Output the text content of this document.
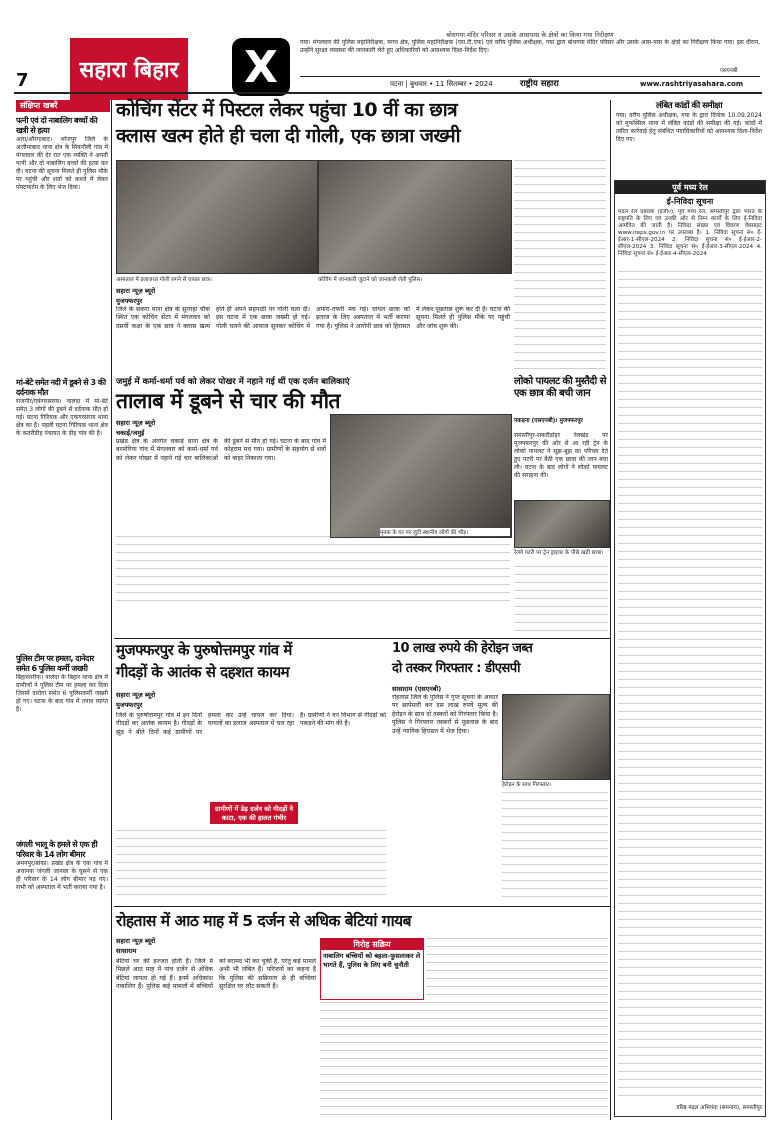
7	सहारा बिहार X
बोधगया मंदिर परिसर व उसके आसपास के क्षेत्रों का किया गया निरीक्षण
गया। मंगलवार की पुलिस महानिरीक्षक, मगध क्षेत्र, पुलिस महानिरीक्षक (एस.टी.एफ) एवं वरीय पुलिस अधीक्षक, गया द्वारा बोधगया मंदिर परिसर और उसके आस-पास के क्षेत्रों का निरीक्षण किया गया। इस दौरान, उन्होंने सुरक्षा व्यवस्था की जानकारी लेते हुए अधिकारियों को आवश्यक दिशा-निर्देश दिए।
एसएनबी
पटना | बुधवार • 11 सितम्बर • 2024	राष्ट्रीय सहारा	www.rashtriyasahara.com
संक्षिप्त खबरें
पत्नी एवं दो नाबालिग बच्चों की खत्री से हत्या
आरा/औरंगाबाद। भोजपुर जिले के अजीमाबाद थाना क्षेत्र के सिकरौली गांव में मंगलवार की देर रात एक व्यक्ति ने अपनी पत्नी और दो नाबालिग बच्चों की हत्या कर दी। घटना की सूचना मिलते ही पुलिस मौके पर पहुंची और शवों को कब्जे में लेकर पोस्टमार्टम के लिए भेज दिया।
मां-बेटे समेत नदी में डूबने से 3 की दर्दनाक मौत
राजगीर/एकंगरसराय। नालंदा में मां-बेटे समेत 3 लोगों की डूबने से दर्दनाक मौत हो गई। घटना गिरियक और एकंगरसराय थाना क्षेत्र का है। पहली घटना गिरियक थाना क्षेत्र के कतरीडीह पंचायत के डीह गांव की है।
पुलिस टीम पर हमला, दानेदार समेत 6 पुलिस कर्मी जख्मी
बिहारशरीफ। नालंदा के बिहार थाना क्षेत्र में ग्रामीणों ने पुलिस टीम पर हमला कर दिया जिसमें दारोगा समेत 6 पुलिसकर्मी जख्मी हो गए। घटना के बाद गांव में तनाव व्याप्त है।
जंगली भालू के हमले से एक ही परिवार के 14 लोग बीमार
अमनपुर/बांका। प्रखंड क्षेत्र के एक गांव में अचानक जंगली जानवर के घुसने से एक ही परिवार के 14 लोग बीमार पड़ गए। सभी को अस्पताल में भर्ती कराया गया है।
कोचिंग सेंटर में पिस्टल लेकर पहुंचा 10 वीं का छात्र
क्लास खत्म होते ही चला दी गोली, एक छात्रा जख्मी
अस्पताल में इलाजरत गोली लगने से घायल छात्र।	कोचिंग में जानकारी जुटाने को जानकारी लेती पुलिस।
सहारा न्यूज़ ब्यूरो
मुजफ्फरपुर
जिले के सकरा थाना क्षेत्र के सुरगहा चौक स्थित एक कोचिंग सेंटर में मंगलवार को दसवीं कक्षा के एक छात्र ने क्लास खत्म होते ही अपने सहपाठी पर गोली चला दी। इस घटना में एक छात्रा जख्मी हो गई। गोली चलने की आवाज सुनकर कोचिंग में अफरा-तफरी मच गई। घायल छात्रा को इलाज के लिए अस्पताल में भर्ती कराया गया है। पुलिस ने आरोपी छात्र को हिरासत में लेकर पूछताछ शुरू कर दी है। घटना की सूचना मिलते ही पुलिस मौके पर पहुंची और जांच शुरू की।
जमुई में कर्मा-धर्मा पर्व को लेकर पोखर में नहाने गई थीं एक दर्जन बालिकाएं
तालाब में डूबने से चार की मौत
सहारा न्यूज़ ब्यूरो
चकाई/जमुई
प्रखंड क्षेत्र के अंतर्गत चकाई थाना क्षेत्र के बरमोरिया गांव में मंगलवार को कर्मा-धर्मा पर्व को लेकर पोखर में नहाने गई चार बालिकाओं की डूबने से मौत हो गई। घटना के बाद गांव में कोहराम मच गया। ग्रामीणों के सहयोग से शवों को बाहर निकाला गया।
मृतक के घर पर जुटी स्थानीय लोगों की भीड़।
लोको पायलट की मुस्तैदी से एक छात्र की बची जान
पकड़ना (एसएनबी)। मुजफ्फरपुर
समस्तीपुर-सकरीडोहर रेलखंड पर मुजफ्फरपुर की ओर से आ रही ट्रेन के लोको पायलट ने सूझ-बूझ का परिचय देते हुए पटरी पर बैठी एक छात्रा की जान बचा ली। घटना के बाद लोगों ने लोको पायलट की सराहना की।
रेलवे पटरी पर ट्रेन ड्राइवर के पीछे खड़ी छात्रा।
लंबित कांडों की समीक्षा
गया। वरीय पुलिस अधीक्षक, गया के द्वारा दिनांक 10.09.2024 को मुफस्सिल थाना में लंबित कांडों की समीक्षा की गई। कांडों में त्वरित कार्रवाई हेतु संबंधित पदाधिकारियों को आवश्यक दिशा-निर्देश दिए गए।
पूर्व मध्य रेल
ई-निविदा सूचना
मंडल रेल प्रबंधक (इंजी०), पूर्व मध्य रेल, समस्तीपुर द्वारा भारत के राष्ट्रपति के लिए एवं उनकी ओर से निम्न कार्यों के लिए ई-निविदा आमंत्रित की जाती है। निविदा संख्या एवं विवरण वेबसाइट www.ireps.gov.in पर उपलब्ध है। 1. निविदा सूचना सं० ई-ईआर-1-सीएल-2024 2. निविदा सूचना सं० ई-ईआर-2-सीएल-2024 3. निविदा सूचना सं० ई-ईआर-3-सीएल-2024 4. निविदा सूचना सं० ई-ईआर-4-सीएल-2024
वरिष्ठ मंडल अभियंता (समन्वय), समस्तीपुर
मुजफ्फरपुर के पुरुषोत्तमपुर गांव में
गीदड़ों के आतंक से दहशत कायम
सहारा न्यूज़ ब्यूरो
मुजफ्फरपुर
जिले के पुरुषोत्तमपुर गांव में इन दिनों गीदड़ों का आतंक कायम है। गीदड़ों के झुंड ने बीते दिनों कई ग्रामीणों पर हमला कर उन्हें घायल कर दिया। घायलों का इलाज अस्पताल में चल रहा है। ग्रामीणों ने वन विभाग से गीदड़ों को पकड़ने की मांग की है।
ग्रामीणों में डेढ़ दर्जन को गीदड़ों ने काटा, एक की हालत गंभीर
10 लाख रुपये की हेरोइन जब्त
दो तस्कर गिरफ्तार : डीएसपी
सासाराम (एसएनबी)
रोहतास जिले के पुलिस ने गुप्त सूचना के आधार पर छापेमारी कर दस लाख रुपये मूल्य की हेरोइन के साथ दो तस्करों को गिरफ्तार किया है। पुलिस ने गिरफ्तार तस्करों से पूछताछ के बाद उन्हें न्यायिक हिरासत में भेज दिया।
हेरोइन के साथ गिरफ्तार।
रोहतास में आठ माह में 5 दर्जन से अधिक बेटियां गायब
सहारा न्यूज़ ब्यूरो
सासाराम
बेटियां घर की इज्जत होती हैं। जिले में पिछले आठ माह में पांच दर्जन से अधिक बेटियां लापता हो गई हैं। इनमें अधिकांश नाबालिग हैं। पुलिस कई मामलों में बच्चियों को बरामद भी कर चुकी है, परंतु कई मामले अभी भी लंबित हैं। परिजनों का कहना है कि पुलिस की सक्रियता से ही बच्चियां सुरक्षित घर लौट सकती हैं।
गिरोह सक्रिय
नाबालिग बच्चियों को बहला-फुसलाकर ले भागते हैं, पुलिस के लिए बनी चुनौती
